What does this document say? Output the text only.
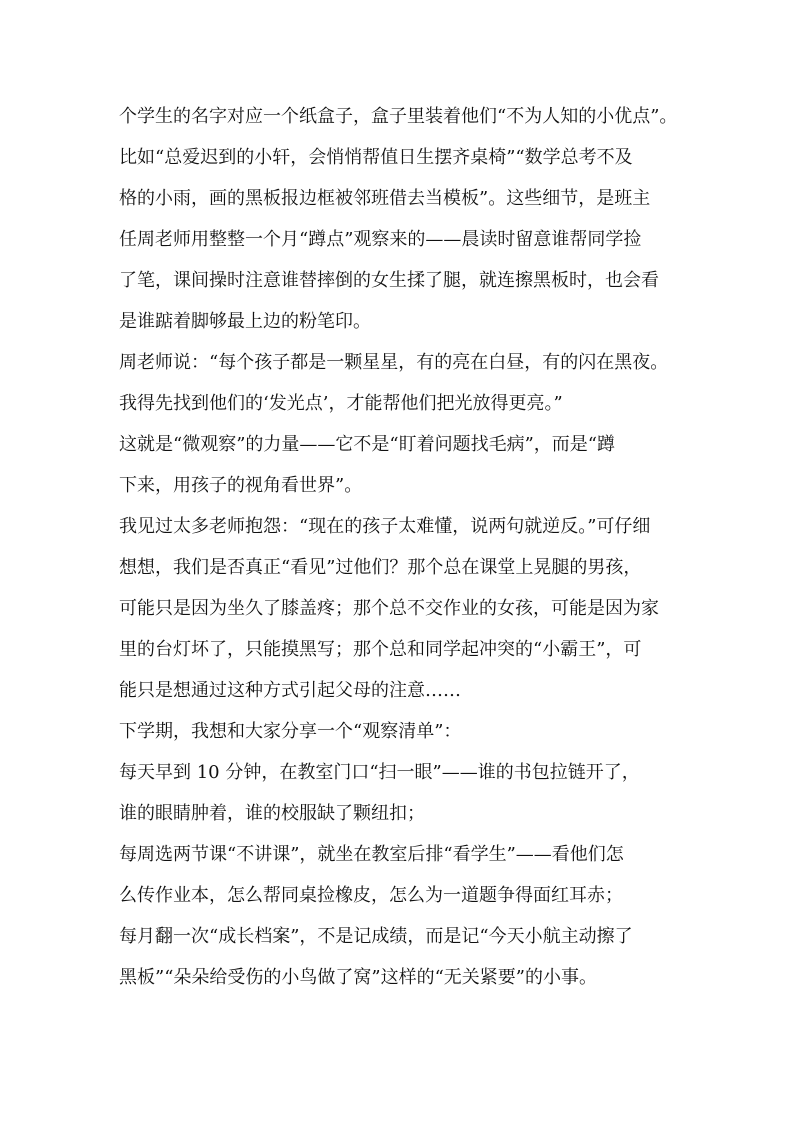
个学生的名字对应一个纸盒子，盒子里装着他们“不为人知的小优点”。
比如“总爱迟到的小轩，会悄悄帮值日生摆齐桌椅”“数学总考不及
格的小雨，画的黑板报边框被邻班借去当模板”。这些细节，是班主
任周老师用整整一个月“蹲点”观察来的——晨读时留意谁帮同学捡
了笔，课间操时注意谁替摔倒的女生揉了腿，就连擦黑板时，也会看
是谁踮着脚够最上边的粉笔印。
周老师说：“每个孩子都是一颗星星，有的亮在白昼，有的闪在黑夜。
我得先找到他们的‘发光点’，才能帮他们把光放得更亮。”
这就是“微观察”的力量——它不是“盯着问题找毛病”，而是“蹲
下来，用孩子的视角看世界”。
我见过太多老师抱怨：“现在的孩子太难懂，说两句就逆反。”可仔细
想想，我们是否真正“看见”过他们？那个总在课堂上晃腿的男孩，
可能只是因为坐久了膝盖疼；那个总不交作业的女孩，可能是因为家
里的台灯坏了，只能摸黑写；那个总和同学起冲突的“小霸王”，可
能只是想通过这种方式引起父母的注意……
下学期，我想和大家分享一个“观察清单”：
每天早到 10 分钟，在教室门口“扫一眼”——谁的书包拉链开了，
谁的眼睛肿着，谁的校服缺了颗纽扣；
每周选两节课“不讲课”，就坐在教室后排“看学生”——看他们怎
么传作业本，怎么帮同桌捡橡皮，怎么为一道题争得面红耳赤；
每月翻一次“成长档案”，不是记成绩，而是记“今天小航主动擦了
黑板”“朵朵给受伤的小鸟做了窝”这样的“无关紧要”的小事。
